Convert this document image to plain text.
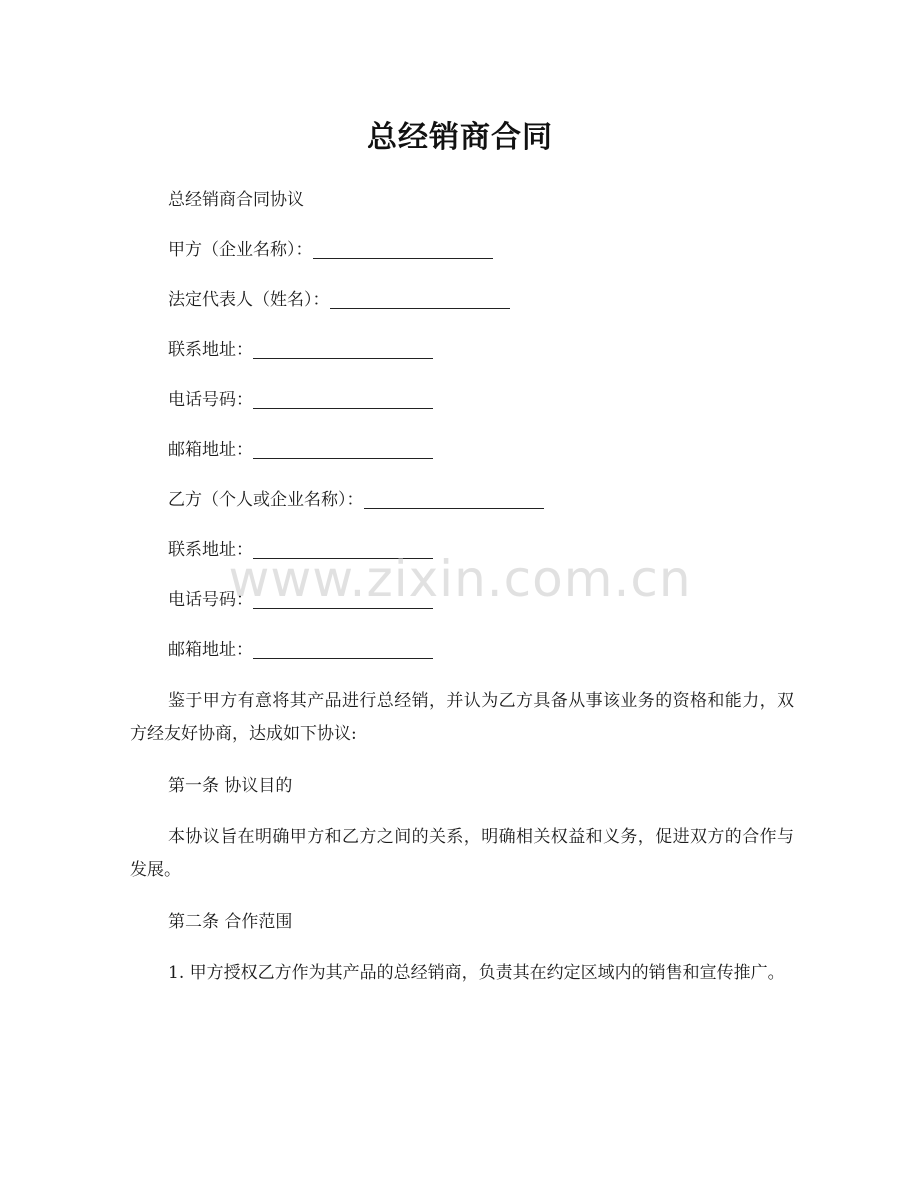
总经销商合同
总经销商合同协议
甲方（企业名称）：
法定代表人（姓名）：
联系地址：
电话号码：
邮箱地址：
乙方（个人或企业名称）：
联系地址：
电话号码：
邮箱地址：
鉴于甲方有意将其产品进行总经销，并认为乙方具备从事该业务的资格和能力，双方经友好协商，达成如下协议:
第一条 协议目的
本协议旨在明确甲方和乙方之间的关系，明确相关权益和义务，促进双方的合作与发展。
第二条 合作范围
1. 甲方授权乙方作为其产品的总经销商，负责其在约定区域内的销售和宣传推广。
www.zixin.com.cn
